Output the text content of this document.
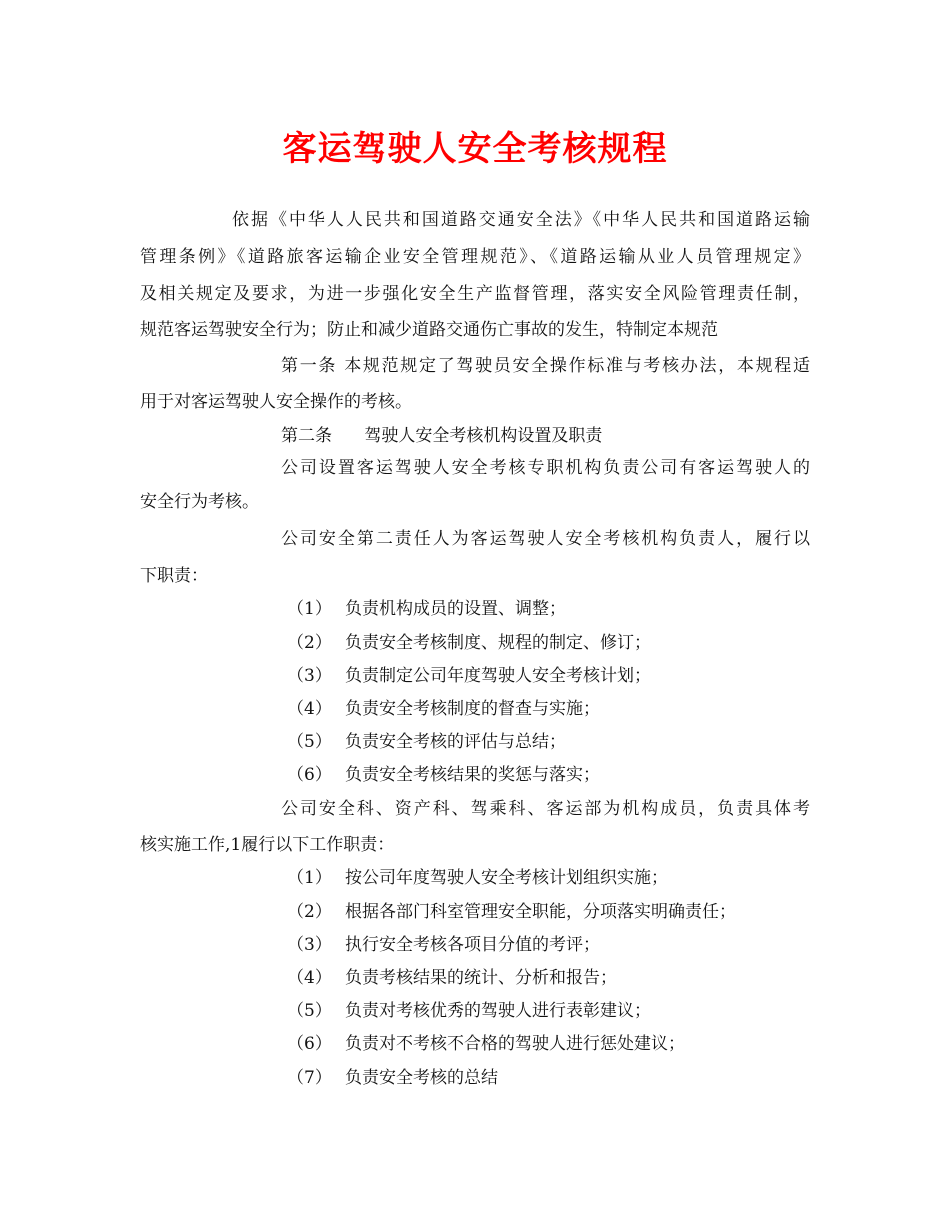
客运驾驶人安全考核规程
依据《中华人人民共和国道路交通安全法》《中华人民共和国道路运输
管理条例》《道路旅客运输企业安全管理规范》、《道路运输从业人员管理规定》
及相关规定及要求，为进一步强化安全生产监督管理，落实安全风险管理责任制，
规范客运驾驶安全行为；防止和减少道路交通伤亡事故的发生，特制定本规范
第一条 本规范规定了驾驶员安全操作标准与考核办法，本规程适
用于对客运驾驶人安全操作的考核。
第二条      驾驶人安全考核机构设置及职责
公司设置客运驾驶人安全考核专职机构负责公司有客运驾驶人的
安全行为考核。
公司安全第二责任人为客运驾驶人安全考核机构负责人，履行以
下职责：
（1） 负责机构成员的设置、调整；
（2） 负责安全考核制度、规程的制定、修订；
（3） 负责制定公司年度驾驶人安全考核计划；
（4） 负责安全考核制度的督查与实施；
（5） 负责安全考核的评估与总结；
（6） 负责安全考核结果的奖惩与落实；
公司安全科、资产科、驾乘科、客运部为机构成员，负责具体考
核实施工作,1履行以下工作职责：
（1） 按公司年度驾驶人安全考核计划组织实施；
（2） 根据各部门科室管理安全职能，分项落实明确责任；
（3） 执行安全考核各项目分值的考评；
（4） 负责考核结果的统计、分析和报告；
（5） 负责对考核优秀的驾驶人进行表彰建议；
（6） 负责对不考核不合格的驾驶人进行惩处建议；
（7） 负责安全考核的总结
